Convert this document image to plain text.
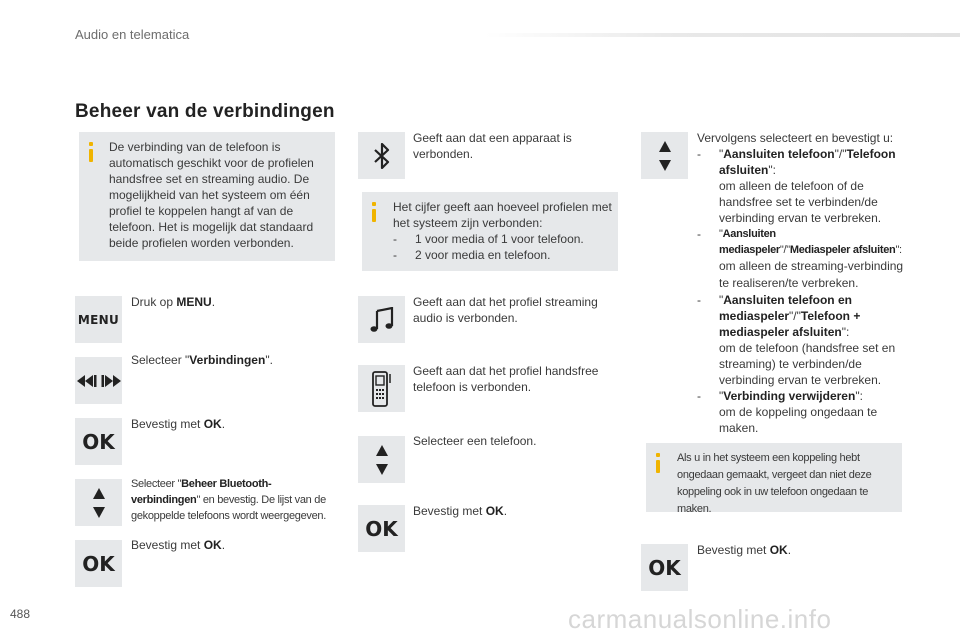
Audio en telematica
Beheer van de verbindingen
De verbinding van de telefoon is automatisch geschikt voor de profielen handsfree set en streaming audio. De mogelijkheid van het systeem om één profiel te koppelen hangt af van de telefoon. Het is mogelijk dat standaard beide profielen worden verbonden.
MENU
Druk op MENU.
Selecteer "Verbindingen".
OK
Bevestig met OK.
Selecteer "Beheer Bluetooth-verbindingen" en bevestig. De lijst van de gekoppelde telefoons wordt weergegeven.
OK
Bevestig met OK.
Geeft aan dat een apparaat is verbonden.
Het cijfer geeft aan hoeveel profielen met het systeem zijn verbonden:
-	1 voor media of 1 voor telefoon.
-	2 voor media en telefoon.
Geeft aan dat het profiel streaming audio is verbonden.
Geeft aan dat het profiel handsfree telefoon is verbonden.
Selecteer een telefoon.
OK
Bevestig met OK.
Vervolgens selecteert en bevestigt u:
-	"Aansluiten telefoon"/"Telefoon afsluiten":
om alleen de telefoon of de handsfree set te verbinden/de verbinding ervan te verbreken.
-	"Aansluiten mediaspeler"/"Mediaspeler afsluiten":
om alleen de streaming-verbinding te realiseren/te verbreken.
-	"Aansluiten telefoon en mediaspeler"/"Telefoon + mediaspeler afsluiten":
om de telefoon (handsfree set en streaming) te verbinden/de verbinding ervan te verbreken.
-	"Verbinding verwijderen":
om de koppeling ongedaan te maken.
Als u in het systeem een koppeling hebt ongedaan gemaakt, vergeet dan niet deze koppeling ook in uw telefoon ongedaan te maken.
OK
Bevestig met OK.
488	carmanualsonline.info
